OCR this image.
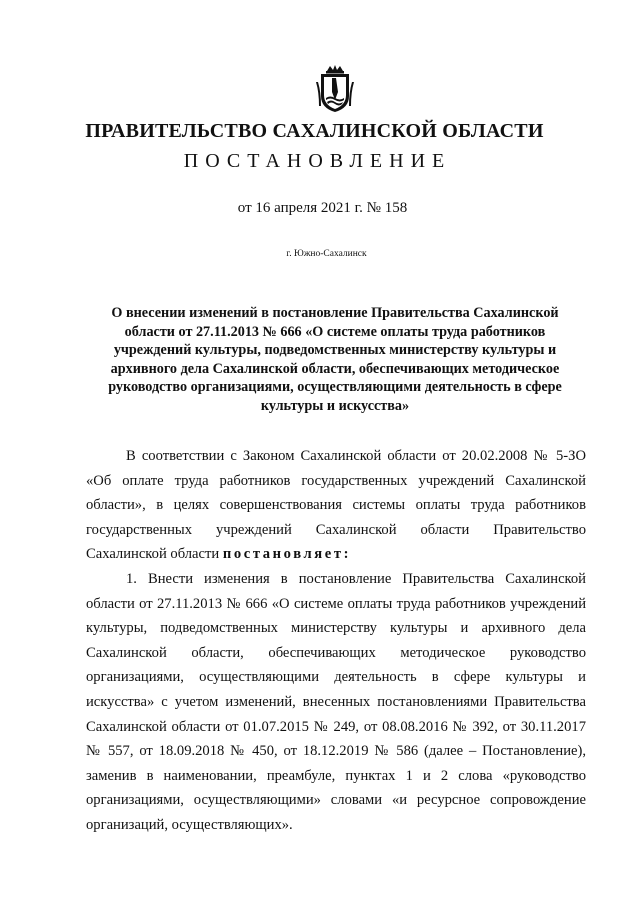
ПРАВИТЕЛЬСТВО САХАЛИНСКОЙ ОБЛАСТИ
ПОСТАНОВЛЕНИЕ
от 16 апреля 2021 г. № 158
г. Южно-Сахалинск
О внесении изменений в постановление Правительства Сахалинской области от 27.11.2013 № 666 «О системе оплаты труда работников учреждений культуры, подведомственных министерству культуры и архивного дела Сахалинской области, обеспечивающих методическое руководство организациями, осуществляющими деятельность в сфере культуры и искусства»

В соответствии с Законом Сахалинской области от 20.02.2008 № 5-ЗО «Об оплате труда работников государственных учреждений Сахалинской области», в целях совершенствования системы оплаты труда работников государственных учреждений Сахалинской области Правительство Сахалинской области постановляет:

1. Внести изменения в постановление Правительства Сахалинской области от 27.11.2013 № 666 «О системе оплаты труда работников учреждений культуры, подведомственных министерству культуры и архивного дела Сахалинской области, обеспечивающих методическое руководство организациями, осуществляющими деятельность в сфере культуры и искусства» с учетом изменений, внесенных постановлениями Правительства Сахалинской области от 01.07.2015 № 249, от 08.08.2016 № 392, от 30.11.2017 № 557, от 18.09.2018 № 450, от 18.12.2019 № 586 (далее – Постановление), заменив в наименовании, преамбуле, пунктах 1 и 2 слова «руководство организациями, осуществляющими» словами «и ресурсное сопровождение организаций, осуществляющих».
